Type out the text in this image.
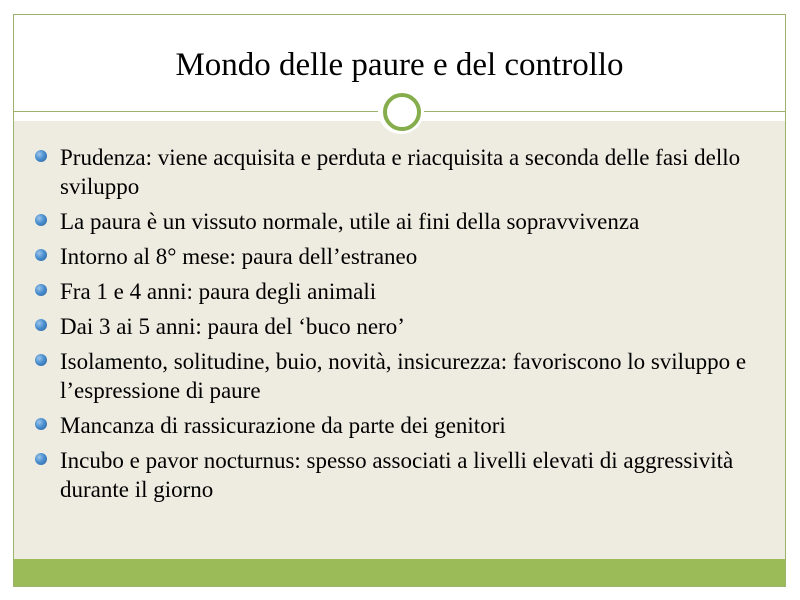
Mondo delle paure e del controllo
Prudenza: viene acquisita e perduta e riacquisita a seconda delle fasi dello sviluppo
La paura è un vissuto normale, utile ai fini della sopravvivenza
Intorno al 8° mese: paura dell’estraneo
Fra 1 e 4 anni: paura degli animali
Dai 3 ai 5 anni: paura del ‘buco nero’
Isolamento, solitudine, buio, novità, insicurezza: favoriscono lo sviluppo e l’espressione di paure
Mancanza di rassicurazione da parte dei genitori
Incubo e pavor nocturnus: spesso associati a livelli elevati di aggressività durante il giorno
